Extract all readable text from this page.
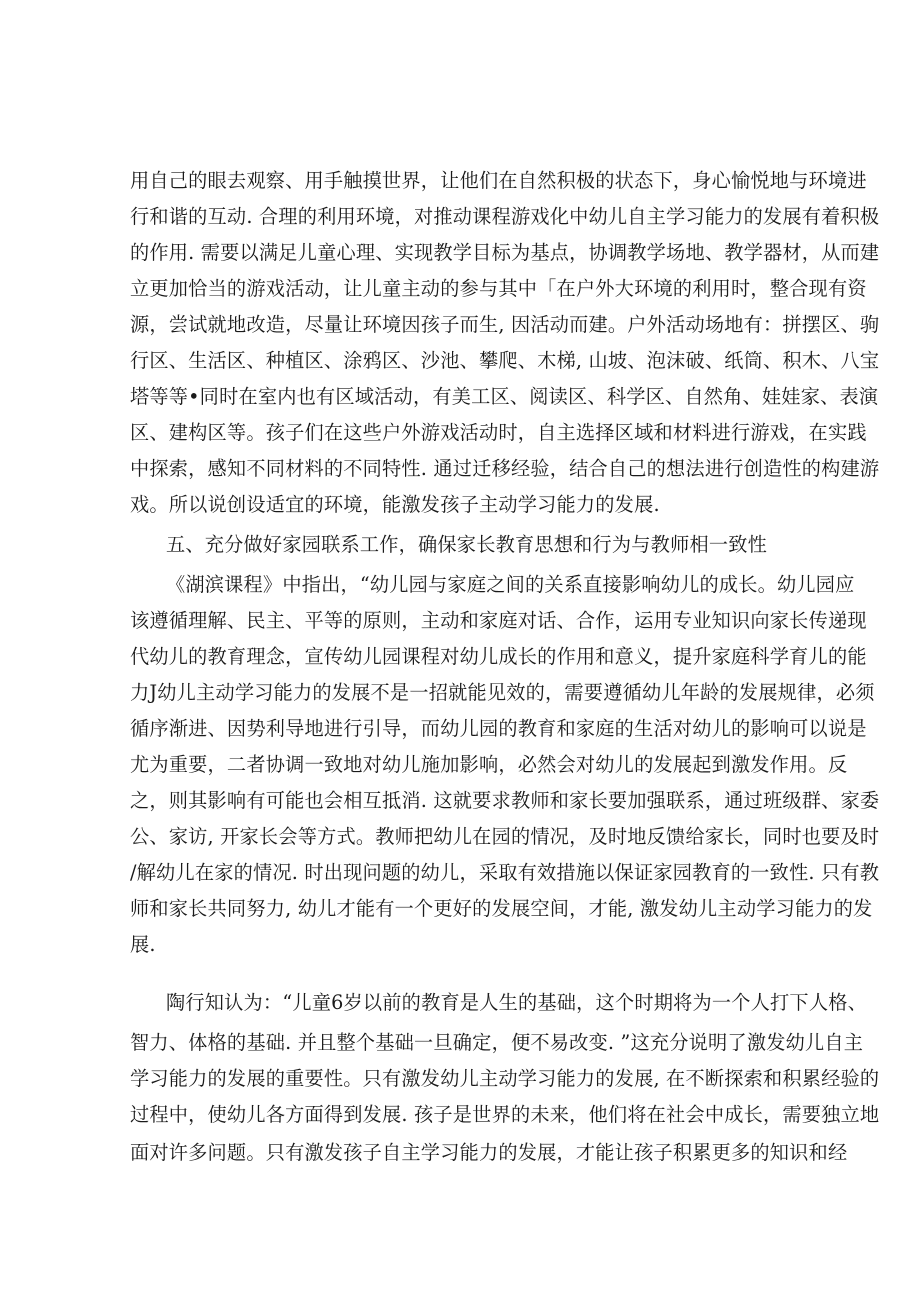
用自己的眼去观察、用手触摸世界，让他们在自然积极的状态下，身心愉悦地与环境进
行和谐的互动. 合理的利用环境，对推动课程游戏化中幼儿自主学习能力的发展有着积极
的作用. 需要以满足儿童心理、实现教学目标为基点，协调教学场地、教学器材，从而建
立更加恰当的游戏活动，让儿童主动的参与其中「在户外大环境的利用时，整合现有资
源，尝试就地改造，尽量让环境因孩子而生, 因活动而建。户外活动场地有：拼摆区、驹
行区、生活区、种植区、涂鸦区、沙池、攀爬、木梯, 山坡、泡沫破、纸筒、积木、八宝
塔等等•同时在室内也有区域活动，有美工区、阅读区、科学区、自然角、娃娃家、表演
区、建构区等。孩子们在这些户外游戏活动时，自主选择区域和材料进行游戏，在实践
中探索，感知不同材料的不同特性. 通过迁移经验，结合自己的想法进行创造性的构建游
戏。所以说创设适宜的环境，能激发孩子主动学习能力的发展.
五、充分做好家园联系工作，确保家长教育思想和行为与教师相一致性
《湖滨课程》中指出，“幼儿园与家庭之间的关系直接影响幼儿的成长。幼儿园应
该遵循理解、民主、平等的原则，主动和家庭对话、合作，运用专业知识向家长传递现
代幼儿的教育理念，宣传幼儿园课程对幼儿成长的作用和意义，提升家庭科学育儿的能
力J幼儿主动学习能力的发展不是一招就能见效的，需要遵循幼儿年龄的发展规律，必须
循序渐进、因势利导地进行引导，而幼儿园的教育和家庭的生活对幼儿的影响可以说是
尤为重要，二者协调一致地对幼儿施加影响，必然会对幼儿的发展起到激发作用。反
之，则其影响有可能也会相互抵消. 这就要求教师和家长要加强联系，通过班级群、家委
公、家访, 开家长会等方式。教师把幼儿在园的情况，及时地反馈给家长，同时也要及时
/解幼儿在家的情况. 时出现问题的幼儿，采取有效措施以保证家园教育的一致性. 只有教
师和家长共同努力, 幼儿才能有一个更好的发展空间，才能, 激发幼儿主动学习能力的发
展.
陶行知认为：“儿童6岁以前的教育是人生的基础，这个时期将为一个人打下人格、
智力、体格的基础. 并且整个基础一旦确定，便不易改变. ”这充分说明了激发幼儿自主
学习能力的发展的重要性。只有激发幼儿主动学习能力的发展, 在不断探索和积累经验的
过程中，使幼儿各方面得到发展. 孩子是世界的未来，他们将在社会中成长，需要独立地
面对许多问题。只有激发孩子自主学习能力的发展，才能让孩子积累更多的知识和经
